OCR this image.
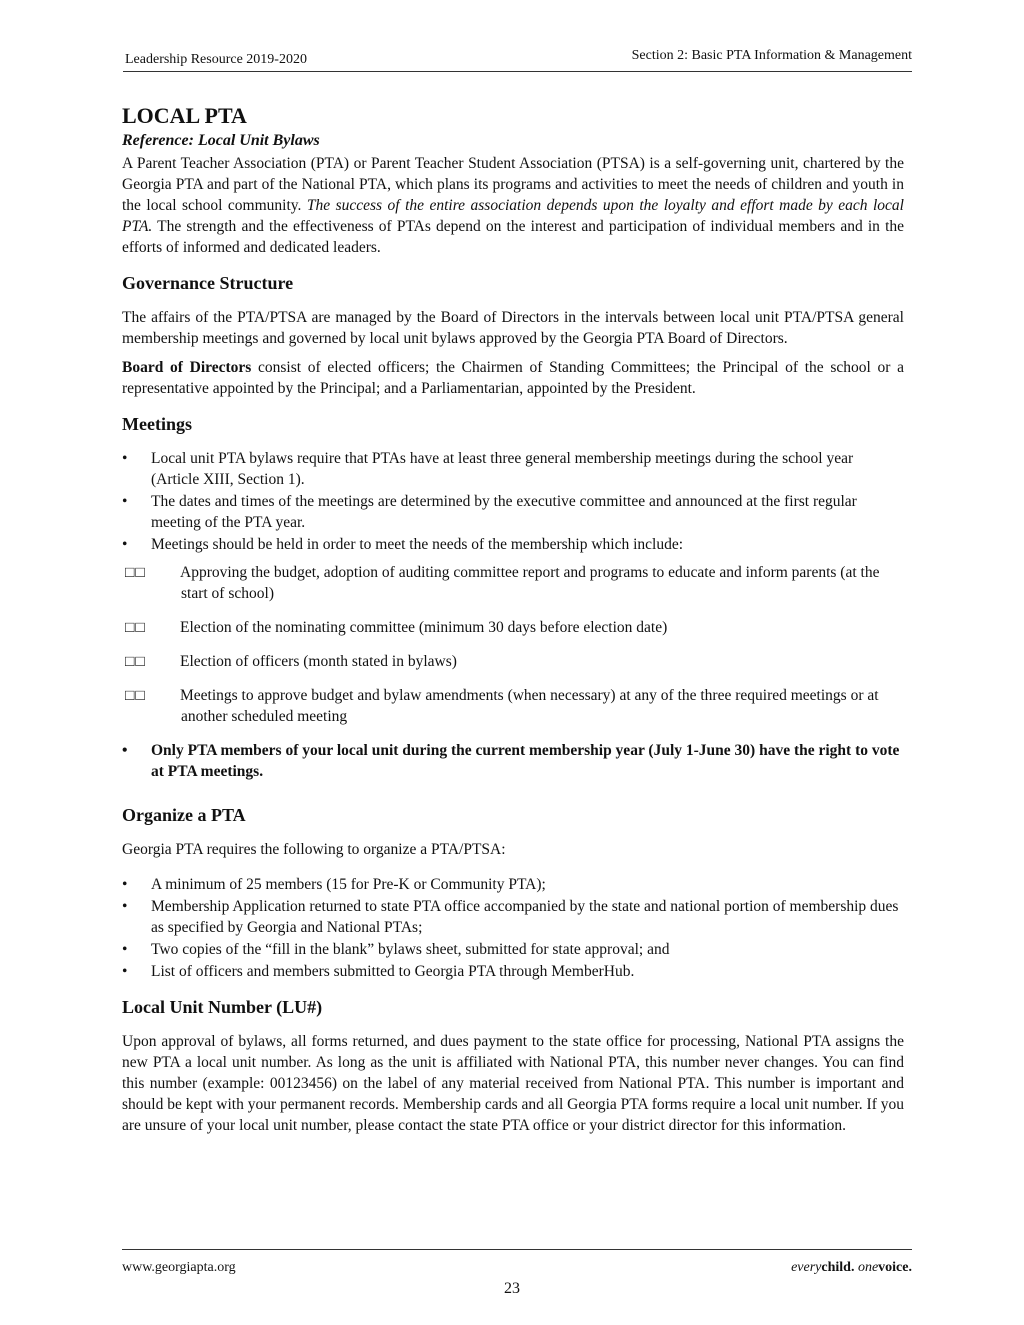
Leadership Resource 2019-2020	Section 2: Basic PTA Information & Management
LOCAL PTA
Reference: Local Unit Bylaws

A Parent Teacher Association (PTA) or Parent Teacher Student Association (PTSA) is a self-governing unit, chartered by the Georgia PTA and part of the National PTA, which plans its programs and activities to meet the needs of children and youth in the local school community. The success of the entire association depends upon the loyalty and effort made by each local PTA. The strength and the effectiveness of PTAs depend on the interest and participation of individual members and in the efforts of informed and dedicated leaders.

Governance Structure

The affairs of the PTA/PTSA are managed by the Board of Directors in the intervals between local unit PTA/PTSA general membership meetings and governed by local unit bylaws approved by the Georgia PTA Board of Directors.

Board of Directors consist of elected officers; the Chairmen of Standing Committees; the Principal of the school or a representative appointed by the Principal; and a Parliamentarian, appointed by the President.

Meetings
• Local unit PTA bylaws require that PTAs have at least three general membership meetings during the school year (Article XIII, Section 1).
• The dates and times of the meetings are determined by the executive committee and announced at the first regular meeting of the PTA year.
• Meetings should be held in order to meet the needs of the membership which include:
□□ Approving the budget, adoption of auditing committee report and programs to educate and inform parents (at the start of school)
□□ Election of the nominating committee (minimum 30 days before election date)
□□ Election of officers (month stated in bylaws)
□□ Meetings to approve budget and bylaw amendments (when necessary) at any of the three required meetings or at another scheduled meeting
• Only PTA members of your local unit during the current membership year (July 1-June 30) have the right to vote at PTA meetings.
Organize a PTA

Georgia PTA requires the following to organize a PTA/PTSA:

• A minimum of 25 members (15 for Pre-K or Community PTA);
• Membership Application returned to state PTA office accompanied by the state and national portion of membership dues as specified by Georgia and National PTAs;
• Two copies of the “fill in the blank” bylaws sheet, submitted for state approval; and
• List of officers and members submitted to Georgia PTA through MemberHub.
Local Unit Number (LU#)

Upon approval of bylaws, all forms returned, and dues payment to the state office for processing, National PTA assigns the new PTA a local unit number. As long as the unit is affiliated with National PTA, this number never changes. You can find this number (example: 00123456) on the label of any material received from National PTA. This number is important and should be kept with your permanent records. Membership cards and all Georgia PTA forms require a local unit number. If you are unsure of your local unit number, please contact the state PTA office or your district director for this information.

www.georgiapta.org	everychild. onevoice.
23
